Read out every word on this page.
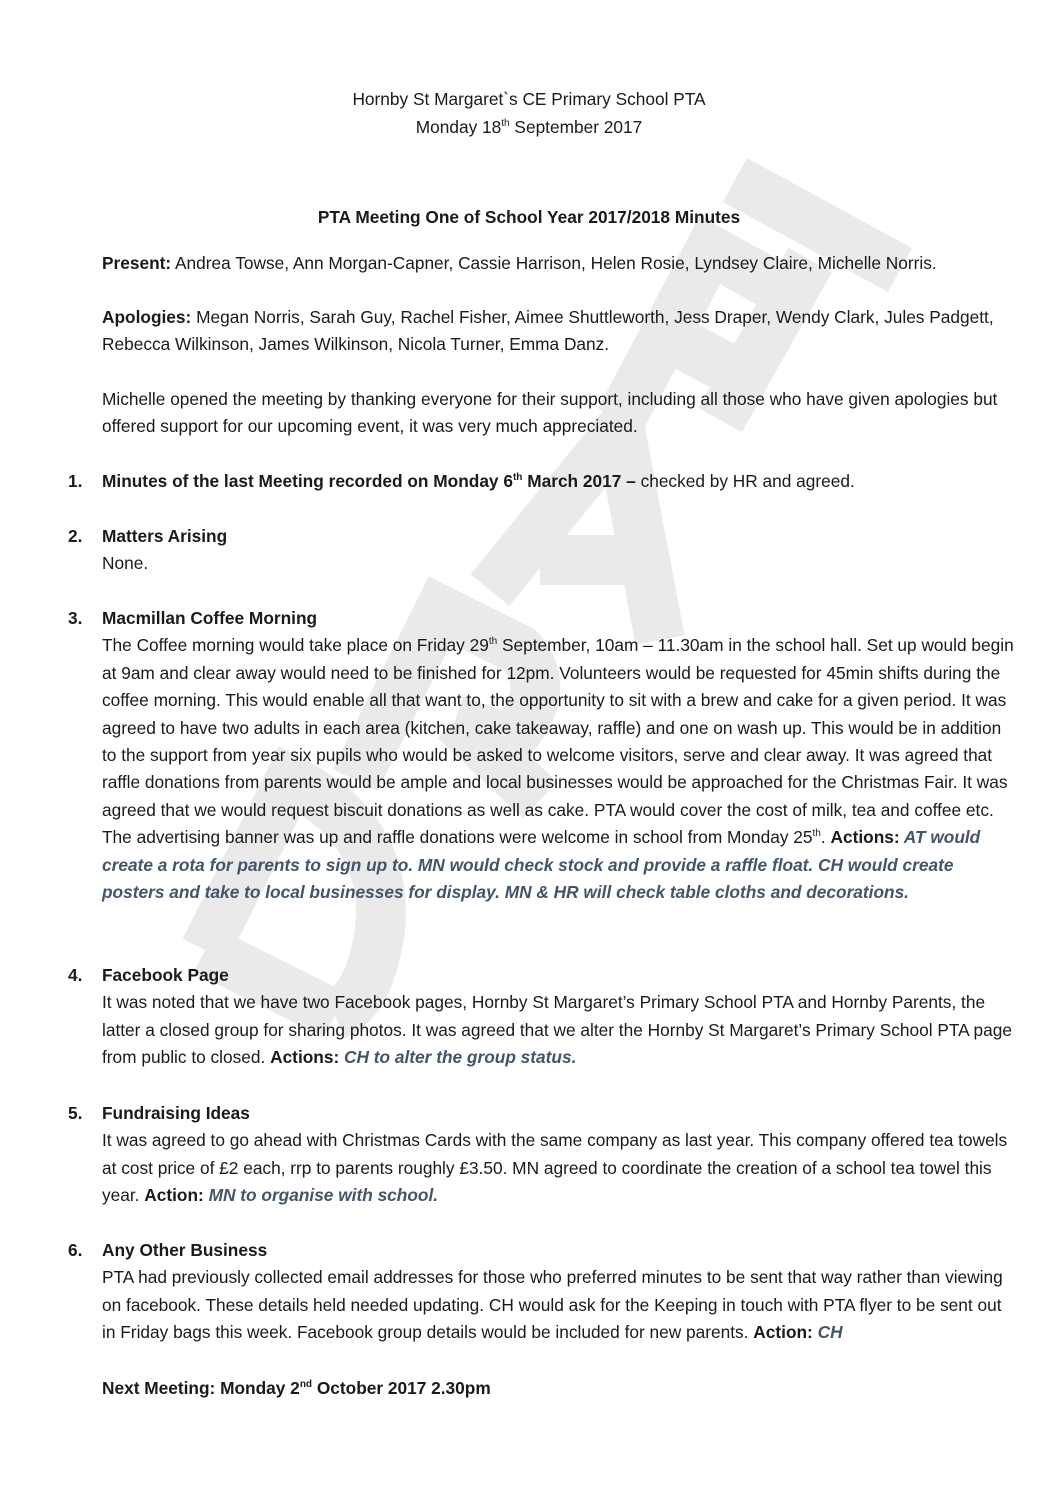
Hornby St Margaret`s CE Primary School PTA
Monday 18th September 2017
PTA Meeting One of School Year 2017/2018 Minutes
Present: Andrea Towse, Ann Morgan-Capner, Cassie Harrison, Helen Rosie, Lyndsey Claire, Michelle Norris.
Apologies: Megan Norris, Sarah Guy, Rachel Fisher, Aimee Shuttleworth, Jess Draper, Wendy Clark, Jules Padgett, Rebecca Wilkinson, James Wilkinson, Nicola Turner, Emma Danz.
Michelle opened the meeting by thanking everyone for their support, including all those who have given apologies but offered support for our upcoming event, it was very much appreciated.
1. Minutes of the last Meeting recorded on Monday 6th March 2017 – checked by HR and agreed.
2. Matters Arising

None.

3. Macmillan Coffee Morning

The Coffee morning would take place on Friday 29th September, 10am – 11.30am in the school hall. Set up would begin at 9am and clear away would need to be finished for 12pm. Volunteers would be requested for 45min shifts during the coffee morning. This would enable all that want to, the opportunity to sit with a brew and cake for a given period. It was agreed to have two adults in each area (kitchen, cake takeaway, raffle) and one on wash up. This would be in addition to the support from year six pupils who would be asked to welcome visitors, serve and clear away. It was agreed that raffle donations from parents would be ample and local businesses would be approached for the Christmas Fair. It was agreed that we would request biscuit donations as well as cake. PTA would cover the cost of milk, tea and coffee etc. The advertising banner was up and raffle donations were welcome in school from Monday 25th. Actions: AT would create a rota for parents to sign up to. MN would check stock and provide a raffle float. CH would create posters and take to local businesses for display. MN & HR will check table cloths and decorations.

4. Facebook Page

It was noted that we have two Facebook pages, Hornby St Margaret’s Primary School PTA and Hornby Parents, the latter a closed group for sharing photos. It was agreed that we alter the Hornby St Margaret’s Primary School PTA page from public to closed. Actions: CH to alter the group status.

5. Fundraising Ideas

It was agreed to go ahead with Christmas Cards with the same company as last year. This company offered tea towels at cost price of £2 each, rrp to parents roughly £3.50. MN agreed to coordinate the creation of a school tea towel this year. Action: MN to organise with school.

6. Any Other Business

PTA had previously collected email addresses for those who preferred minutes to be sent that way rather than viewing on facebook. These details held needed updating. CH would ask for the Keeping in touch with PTA flyer to be sent out in Friday bags this week. Facebook group details would be included for new parents. Action: CH

Next Meeting: Monday 2nd October 2017 2.30pm
